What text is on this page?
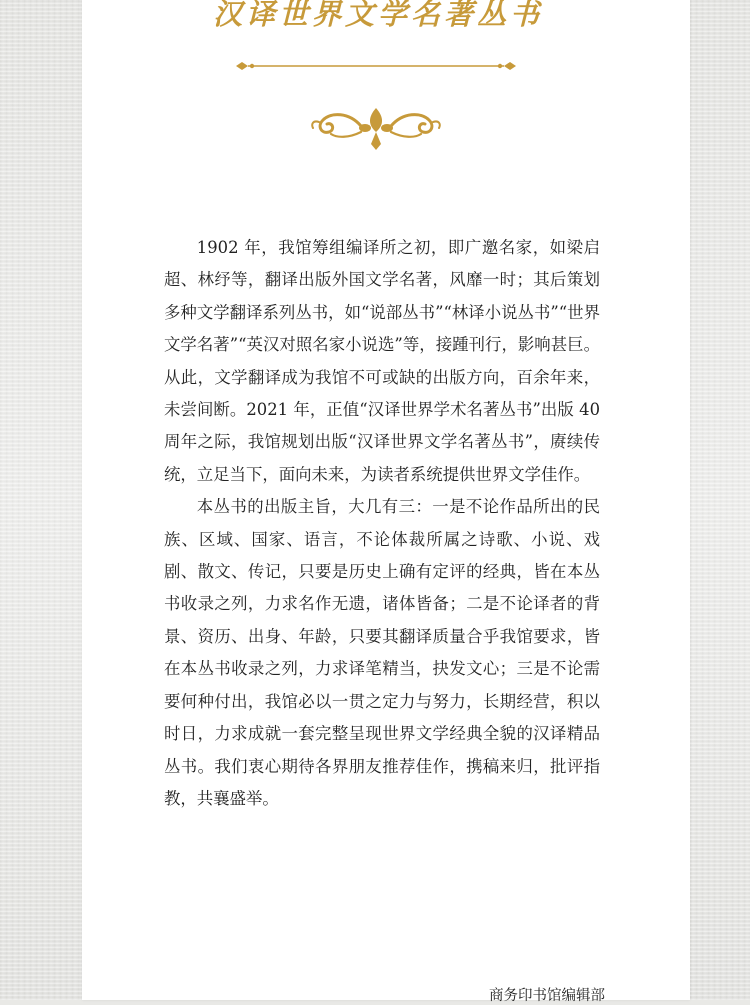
汉译世界文学名著丛书

1902 年，我馆筹组编译所之初，即广邀名家，如梁启超、林纾等，翻译出版外国文学名著，风靡一时；其后策划多种文学翻译系列丛书，如“说部丛书”“林译小说丛书”“世界文学名著”“英汉对照名家小说选”等，接踵刊行，影响甚巨。从此，文学翻译成为我馆不可或缺的出版方向，百余年来，未尝间断。2021 年，正值“汉译世界学术名著丛书”出版 40 周年之际，我馆规划出版“汉译世界文学名著丛书”，赓续传统，立足当下，面向未来，为读者系统提供世界文学佳作。

本丛书的出版主旨，大几有三：一是不论作品所出的民族、区域、国家、语言，不论体裁所属之诗歌、小说、戏剧、散文、传记，只要是历史上确有定评的经典，皆在本丛书收录之列，力求名作无遗，诸体皆备；二是不论译者的背景、资历、出身、年龄，只要其翻译质量合乎我馆要求，皆在本丛书收录之列，力求译笔精当，抉发文心；三是不论需要何种付出，我馆必以一贯之定力与努力，长期经营，积以时日，力求成就一套完整呈现世界文学经典全貌的汉译精品丛书。我们衷心期待各界朋友推荐佳作，携稿来归，批评指教，共襄盛举。

商务印书馆编辑部
